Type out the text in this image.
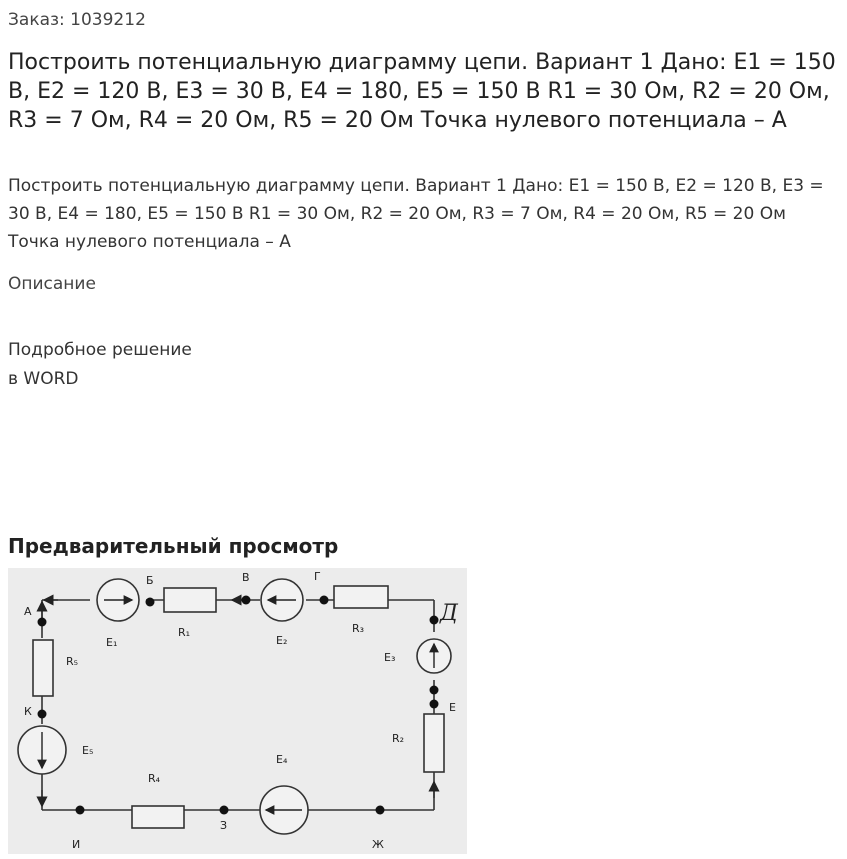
Заказ: 1039212
Построить потенциальную диаграмму цепи. Вариант 1 Дано: E1 = 150 В, E2 = 120 В, E3 = 30 В, E4 = 180, E5 = 150 В R1 = 30 Ом, R2 = 20 Ом, R3 = 7 Ом, R4 = 20 Ом, R5 = 20 Ом Точка нулевого потенциала – А

Построить потенциальную диаграмму цепи. Вариант 1 Дано: E1 = 150 В, E2 = 120 В, E3 = 30 В, E4 = 180, E5 = 150 В R1 = 30 Ом, R2 = 20 Ом, R3 = 7 Ом, R4 = 20 Ом, R5 = 20 Ом Точка нулевого потенциала – А

Описание
Подробное решение
в WORD
Предварительный просмотр
А
Б	В	Г
Д
Е
Ж
З
И
К
E₁
R₁
E₂
R₃
E₃
R₅
R₂
E₅
E₄
R₄
